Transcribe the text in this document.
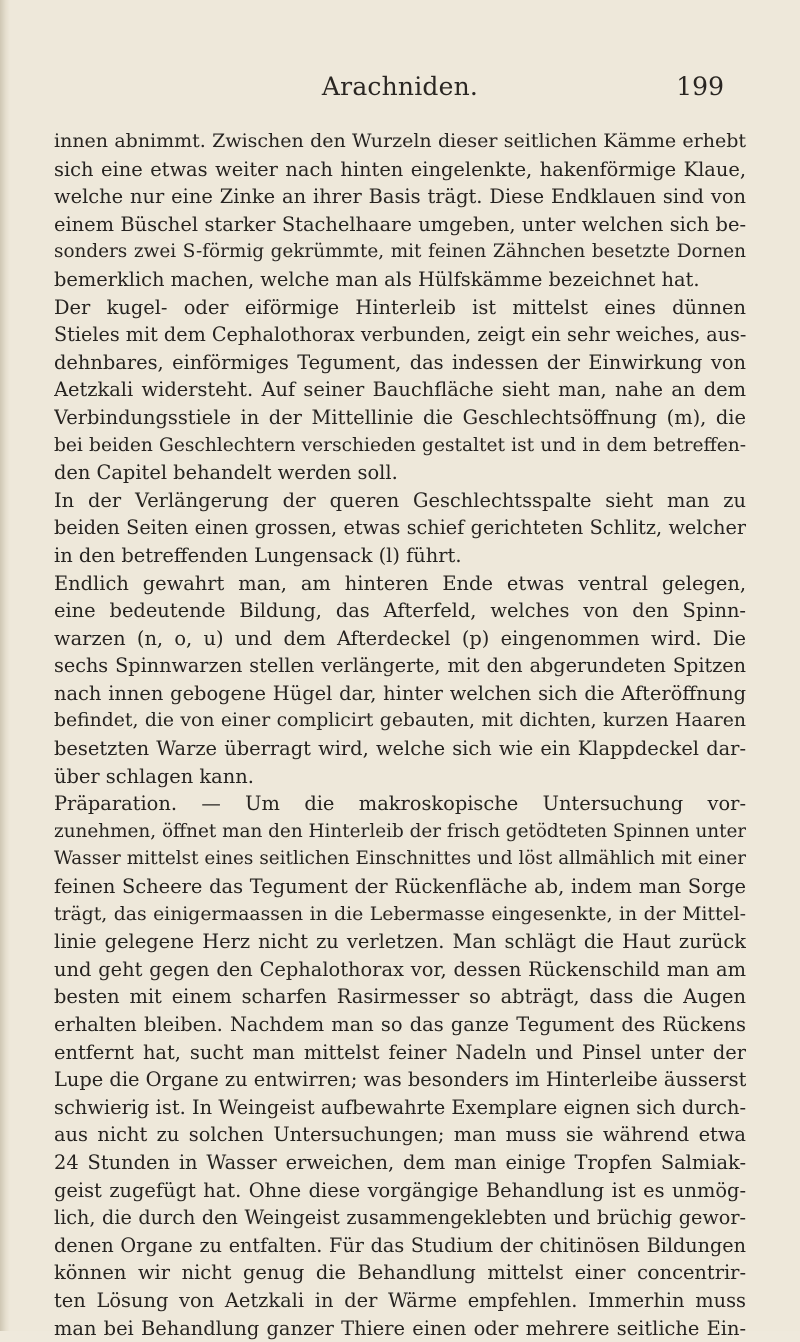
Arachniden.	199
innen abnimmt. Zwischen den Wurzeln dieser seitlichen Kämme erhebt
sich eine etwas weiter nach hinten eingelenkte, hakenförmige Klaue,
welche nur eine Zinke an ihrer Basis trägt. Diese Endklauen sind von
einem Büschel starker Stachelhaare umgeben, unter welchen sich be-
sonders zwei S-förmig gekrümmte, mit feinen Zähnchen besetzte Dornen
bemerklich machen, welche man als Hülfskämme bezeichnet hat.
Der kugel- oder eiförmige Hinterleib ist mittelst eines dünnen
Stieles mit dem Cephalothorax verbunden, zeigt ein sehr weiches, aus-
dehnbares, einförmiges Tegument, das indessen der Einwirkung von
Aetzkali widersteht. Auf seiner Bauchfläche sieht man, nahe an dem
Verbindungsstiele in der Mittellinie die Geschlechtsöffnung (m), die
bei beiden Geschlechtern verschieden gestaltet ist und in dem betreffen-
den Capitel behandelt werden soll.
In der Verlängerung der queren Geschlechtsspalte sieht man zu
beiden Seiten einen grossen, etwas schief gerichteten Schlitz, welcher
in den betreffenden Lungensack (l) führt.
Endlich gewahrt man, am hinteren Ende etwas ventral gelegen,
eine bedeutende Bildung, das Afterfeld, welches von den Spinn-
warzen (n, o, u) und dem Afterdeckel (p) eingenommen wird. Die
sechs Spinnwarzen stellen verlängerte, mit den abgerundeten Spitzen
nach innen gebogene Hügel dar, hinter welchen sich die Afteröffnung
befindet, die von einer complicirt gebauten, mit dichten, kurzen Haaren
besetzten Warze überragt wird, welche sich wie ein Klappdeckel dar-
über schlagen kann.
Präparation. — Um die makroskopische Untersuchung vor-
zunehmen, öffnet man den Hinterleib der frisch getödteten Spinnen unter
Wasser mittelst eines seitlichen Einschnittes und löst allmählich mit einer
feinen Scheere das Tegument der Rückenfläche ab, indem man Sorge
trägt, das einigermaassen in die Lebermasse eingesenkte, in der Mittel-
linie gelegene Herz nicht zu verletzen. Man schlägt die Haut zurück
und geht gegen den Cephalothorax vor, dessen Rückenschild man am
besten mit einem scharfen Rasirmesser so abträgt, dass die Augen
erhalten bleiben. Nachdem man so das ganze Tegument des Rückens
entfernt hat, sucht man mittelst feiner Nadeln und Pinsel unter der
Lupe die Organe zu entwirren; was besonders im Hinterleibe äusserst
schwierig ist. In Weingeist aufbewahrte Exemplare eignen sich durch-
aus nicht zu solchen Untersuchungen; man muss sie während etwa
24 Stunden in Wasser erweichen, dem man einige Tropfen Salmiak-
geist zugefügt hat. Ohne diese vorgängige Behandlung ist es unmög-
lich, die durch den Weingeist zusammengeklebten und brüchig gewor-
denen Organe zu entfalten. Für das Studium der chitinösen Bildungen
können wir nicht genug die Behandlung mittelst einer concentrir-
ten Lösung von Aetzkali in der Wärme empfehlen. Immerhin muss
man bei Behandlung ganzer Thiere einen oder mehrere seitliche Ein-
